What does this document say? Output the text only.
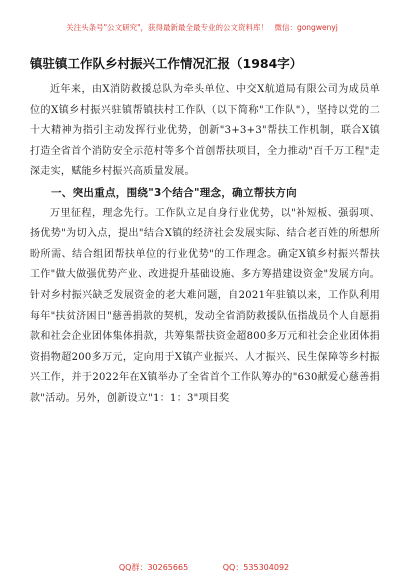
关注头条号"公文研究"，获得最新最全最专业的公文资料库！ 微信：gongwenyj
镇驻镇工作队乡村振兴工作情况汇报（1984字）

近年来，由X消防救援总队为牵头单位、中交X航道局有限公司为成员单位的X镇乡村振兴驻镇帮镇扶村工作队（以下简称"工作队"），坚持以党的二十大精神为指引主动发挥行业优势，创新"3+3+3"帮扶工作机制，联合X镇打造全省首个消防安全示范村等多个首创帮扶项目，全力推动"百千万工程"走深走实，赋能乡村振兴高质量发展。

一、突出重点，围绕"3个结合"理念，确立帮扶方向

万里征程，理念先行。工作队立足自身行业优势，以"补短板、强弱项、扬优势"为切入点，提出"结合X镇的经济社会发展实际、结合老百姓的所想所盼所需、结合组团帮扶单位的行业优势"的工作理念。确定X镇乡村振兴帮扶工作"做大做强优势产业、改进提升基础设施、多方筹措建设资金"发展方向。针对乡村振兴缺乏发展资金的老大难问题，自2021年驻镇以来，工作队利用每年"扶贫济困日"慈善捐款的契机，发动全省消防救援队伍指战员个人自愿捐款和社会企业团体集体捐款，共筹集帮扶资金超800多万元和社会企业团体捐资捐物超200多万元，定向用于X镇产业振兴、人才振兴、民生保障等乡村振兴工作，并于2022年在X镇举办了全省首个工作队筹办的"630献爱心慈善捐款"活动。另外，创新设立"1：1：3"项目奖

QQ群：30265665	QQ：535304092
